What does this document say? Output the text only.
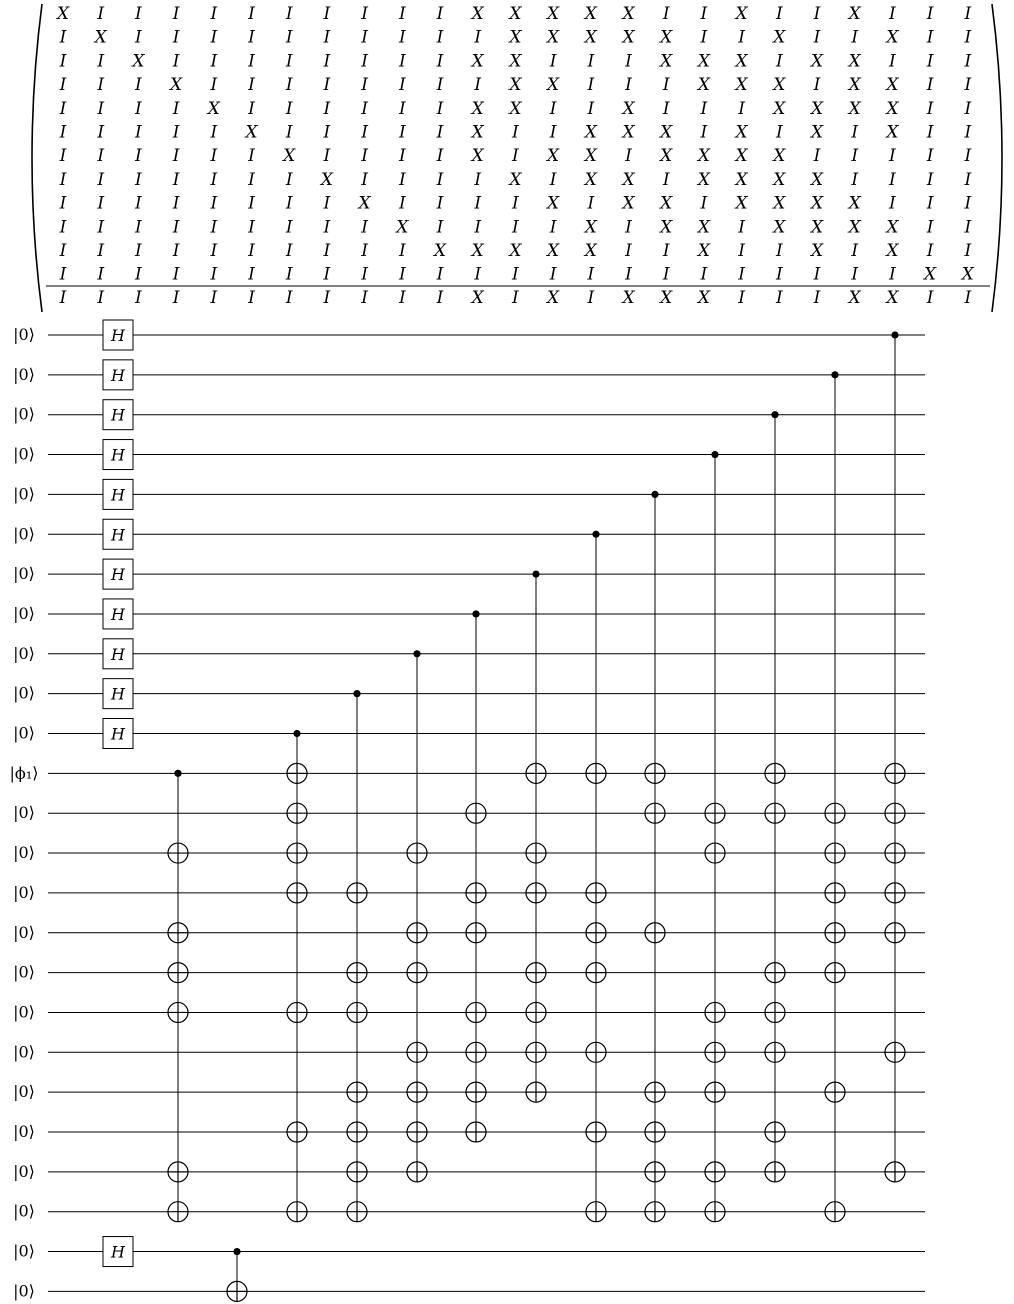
X I I I I I I I I I I X X X X X I I X I I X I I I
I X I I I I I I I I I I X X X X X I I X I I X I I
I I X I I I I I I I I X X I I I X X X I X X I I I
I I I X I I I I I I I I X X I I I X X X I X X I I
I I I I X I I I I I I X X I I X I I I X X X X I I
I I I I I X I I I I I X I I X X X I X I X I X I I
I I I I I I X I I I I X I X X I X X X X I I I I I
I I I I I I I X I I I I X I X X I X X X X I I I I
I I I I I I I I X I I I I X I X X I X X X X I I I
I I I I I I I I I X I I I I X I X X I X X X X I I
I I I I I I I I I I X X X X X I I X I I X I X I I
I I I I I I I I I I I I I I I I I I I I I I I X X
I I I I I I I I I I I X I X I X X X I I I X X I I
H
H
H
H
H
H
H
H
H
H
H
H
|0⟩
|0⟩
|0⟩
|0⟩
|0⟩
|0⟩
|0⟩
|0⟩
|0⟩
|0⟩
|0⟩
|ϕ₁⟩
|0⟩
|0⟩
|0⟩
|0⟩
|0⟩
|0⟩
|0⟩
|0⟩
|0⟩
|0⟩
|0⟩
|0⟩
|0⟩
